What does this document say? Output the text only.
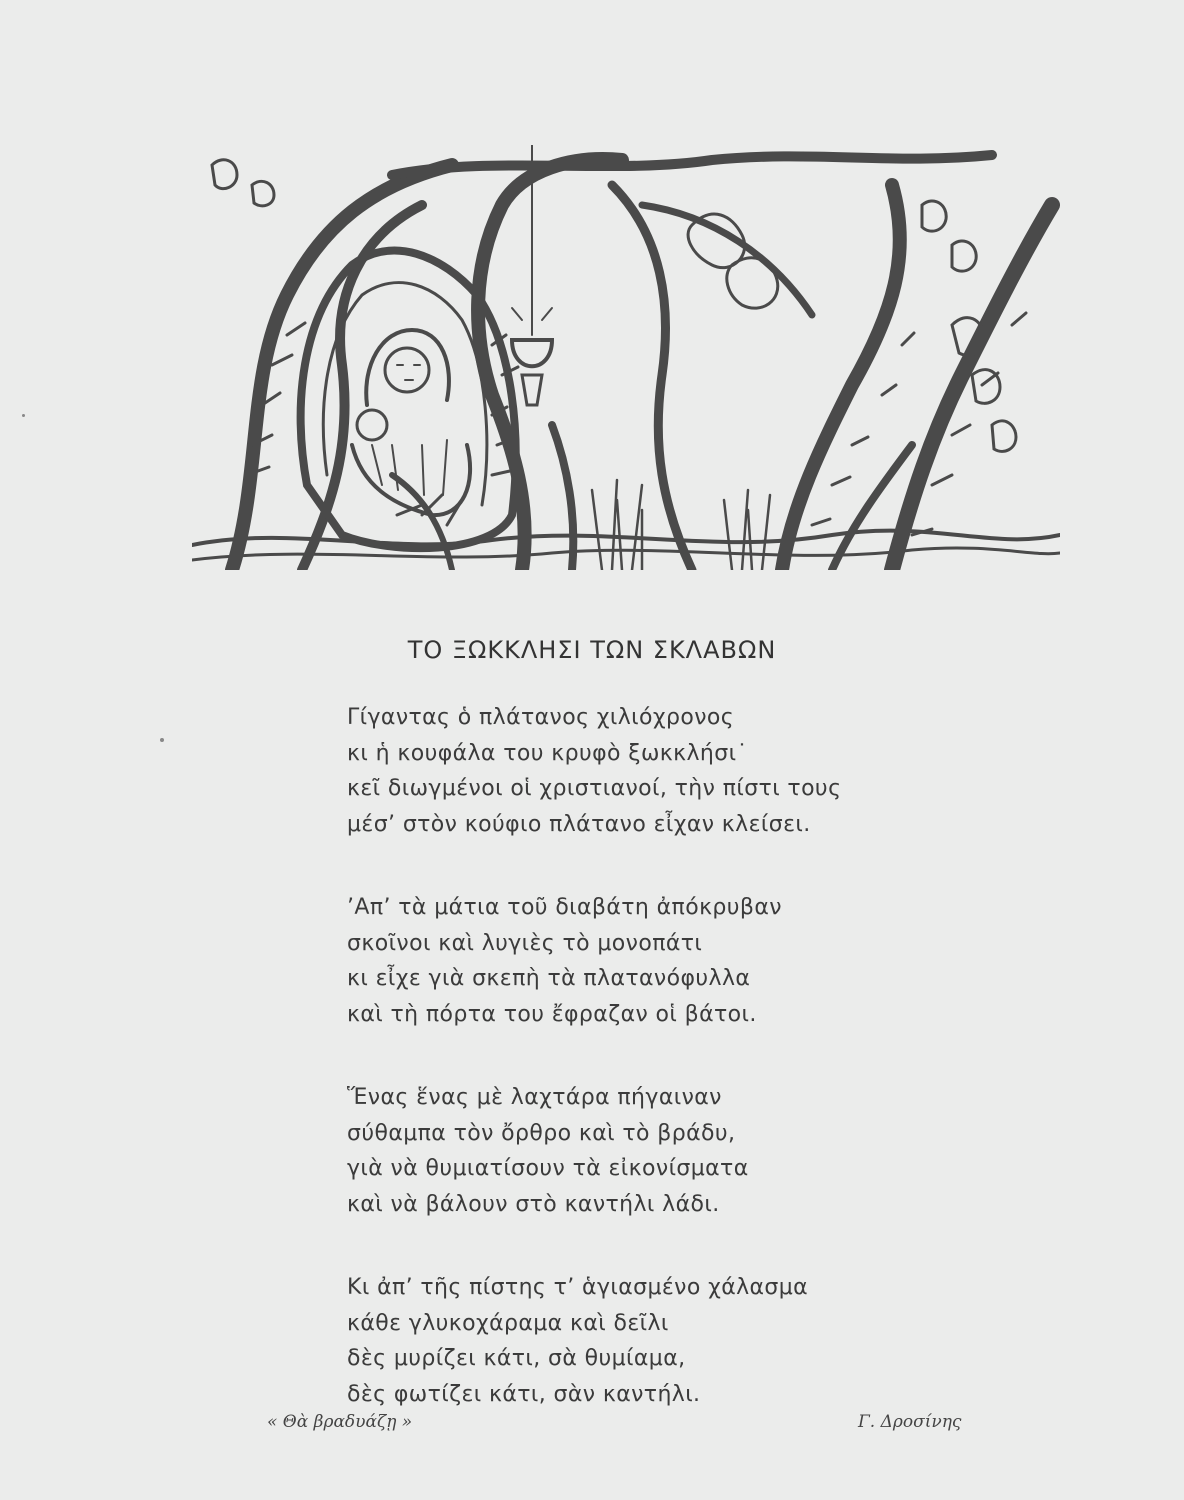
ΤΟ ΞΩΚΚΛΗΣΙ ΤΩΝ ΣΚΛΑΒΩΝ
Γίγαντας ὁ πλάτανος χιλιόχρονος
κι ἡ κουφάλα του κρυφὸ ξωκκλήσι˙
κεῖ διωγμένοι οἱ χριστιανοί, τὴν πίστι τους
μέσ’ στὸν κούφιο πλάτανο εἶχαν κλείσει.
’Απ’ τὰ μάτια τοῦ διαβάτη ἀπόκρυβαν
σκοῖνοι καὶ λυγιὲς τὸ μονοπάτι
κι εἶχε γιὰ σκεπὴ τὰ πλατανόφυλλα
καὶ τὴ πόρτα του ἔφραζαν οἱ βάτοι.
Ἕνας ἕνας μὲ λαχτάρα πήγαιναν
σύθαμπα τὸν ὄρθρο καὶ τὸ βράδυ,
γιὰ νὰ θυμιατίσουν τὰ εἰκονίσματα
καὶ νὰ βάλουν στὸ καντήλι λάδι.
Κι ἀπ’ τῆς πίστης τ’ ἁγιασμένο χάλασμα
κάθε γλυκοχάραμα καὶ δεῖλι
δὲς μυρίζει κάτι, σὰ θυμίαμα,
δὲς φωτίζει κάτι, σὰν καντήλι.
« Θὰ βραδυάζῃ »	Γ. Δροσίνης
